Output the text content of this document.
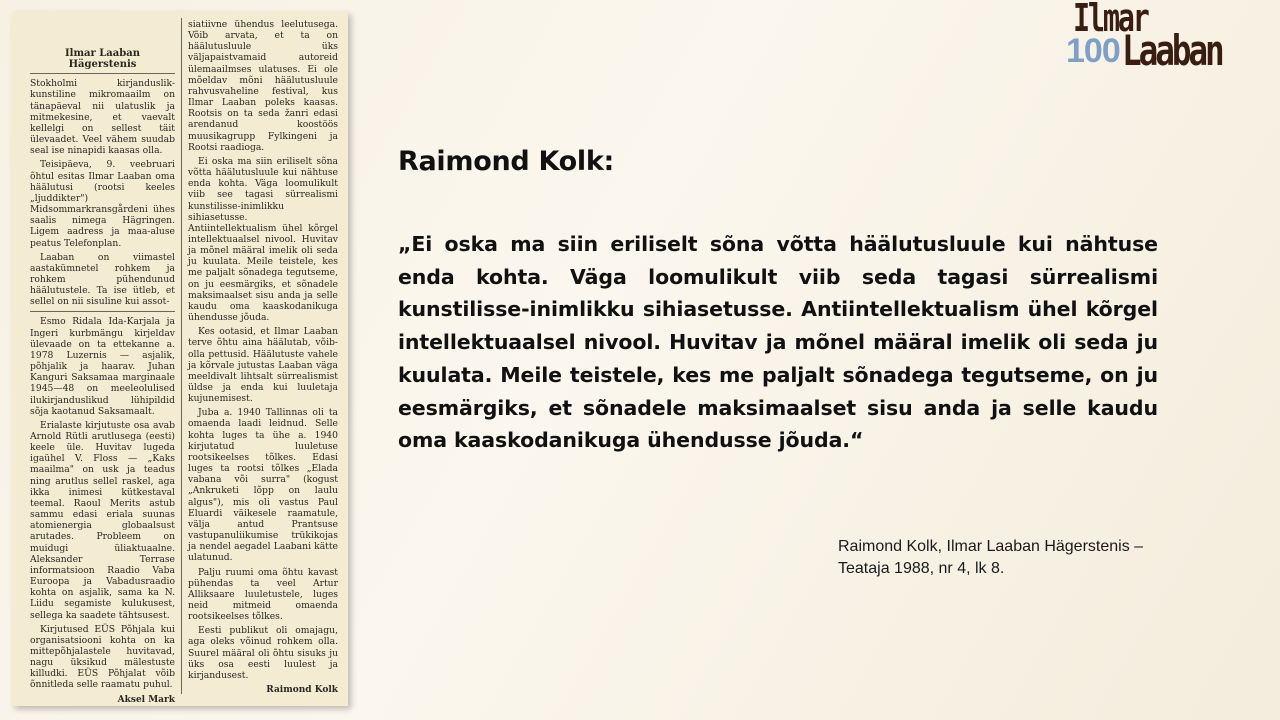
Ilmar Laaban Hägerstenis

Stokholmi kirjanduslik-kunstiline mikromaailm on tänapäeval nii ulatuslik ja mitmekesine, et vaevalt kellelgi on sellest täit ülevaadet. Veel vähem suudab seal ise ninapidi kaasas olla.

Teisipäeva, 9. veebruari õhtul esitas Ilmar Laaban oma häälutusi (rootsi keeles „ljuddikter") Midsommarkransgårdeni ühes saalis nimega Hägringen. Ligem aadress ja maa-aluse peatus Telefonplan.

Laaban on viimastel aastakümnetel rohkem ja rohkem pühendunud häälutustele. Ta ise ütleb, et sellel on nii sisuline kui assot-

Esmo Ridala Ida-Karjala ja Ingeri kurbmängu kirjeldav ülevaade on ta ettekanne a. 1978 Luzernis — asjalik, põhjalik ja haarav. Juhan Kanguri Saksamaa marginaale 1945—48 on meeleolulised ilukirjanduslikud lühipildid sõja kaotanud Saksamaalt.

Erialaste kirjutuste osa avab Arnold Rütli arutlusega (eesti) keele üle. Huvitav lugeda igaühel V. Floss — „Kaks maailma" on usk ja teadus ning arutlus sellel raskel, aga ikka inimesi kütkestaval teemal. Raoul Merits astub sammu edasi eriala suunas atomienergia globaalsust arutades. Probleem on muidugi üliaktuaalne. Aleksander Terrase informatsioon Raadio Vaba Euroopa ja Vabadusraadio kohta on asjalik, sama ka N. Liidu segamiste kulukusest, sellega ka saadete tähtsusest.

Kirjutused EÜS Põhjala kui organisatsiooni kohta on ka mittepõhjalastele huvitavad, nagu üksikud mälestuste killudki. EÜS Põhjalat võib õnnitleda selle raamatu puhul.

Aksel Mark

siatiivne ühendus leelutusega. Võib arvata, et ta on häälutusluule üks väljapaistvamaid autoreid ülemaailmses ulatuses. Ei ole mõeldav mõni häälutusluule rahvusvaheline festival, kus Ilmar Laaban poleks kaasas. Rootsis on ta seda žanri edasi arendanud koostöös muusikagrupp Fylkingeni ja Rootsi raadioga.

Ei oska ma siin eriliselt sõna võtta häälutusluule kui nähtuse enda kohta. Väga loomulikult viib see tagasi sürrealismi kunstilisse-inimlikku sihiasetusse. Antiintellektualism ühel kõrgel intellektuaalsel nivool. Huvitav ja mõnel määral imelik oli seda ju kuulata. Meile teistele, kes me paljalt sõnadega tegutseme, on ju eesmärgiks, et sõnadele maksimaalset sisu anda ja selle kaudu oma kaaskodanikuga ühendusse jõuda.

Kes ootasid, et Ilmar Laaban terve õhtu aina häälutab, võib-olla pettusid. Häälutuste vahele ja kõrvale jutustas Laaban väga meeldivalt lihtsalt sürrealismist üldse ja enda kui luuletaja kujunemisest.

Juba a. 1940 Tallinnas oli ta omaenda laadi leidnud. Selle kohta luges ta ühe a. 1940 kirjutatud luuletuse rootsikeelses tõlkes. Edasi luges ta rootsi tõlkes „Elada vabana või surra" (kogust „Ankruketi lõpp on laulu algus"), mis oli vastus Paul Eluardi väikesele raamatule, välja antud Prantsuse vastupanuliikumise trükikojas ja nendel aegadel Laabani kätte ulatunud.

Palju ruumi oma õhtu kavast pühendas ta veel Artur Alliksaare luuletustele, luges neid mitmeid omaenda rootsikeelses tõlkes.

Eesti publikut oli omajagu, aga oleks võinud rohkem olla. Suurel määral oli õhtu sisuks ju üks osa eesti luulest ja kirjandusest.

Raimond Kolk
100
Ilmar
Laaban
Raimond Kolk:
„Ei oska ma siin eriliselt sõna võtta häälutusluule kui nähtuse enda kohta. Väga loomulikult viib seda tagasi sürrealismi kunstilisse-inimlikku sihiasetusse. Antiintellektualism ühel kõrgel intellektuaalsel nivool. Huvitav ja mõnel määral imelik oli seda ju kuulata. Meile teistele, kes me paljalt sõnadega tegutseme, on ju eesmärgiks, et sõnadele maksimaalset sisu anda ja selle kaudu oma kaaskodanikuga ühendusse jõuda.“
Raimond Kolk, Ilmar Laaban Hägerstenis –
Teataja 1988, nr 4, lk 8.
